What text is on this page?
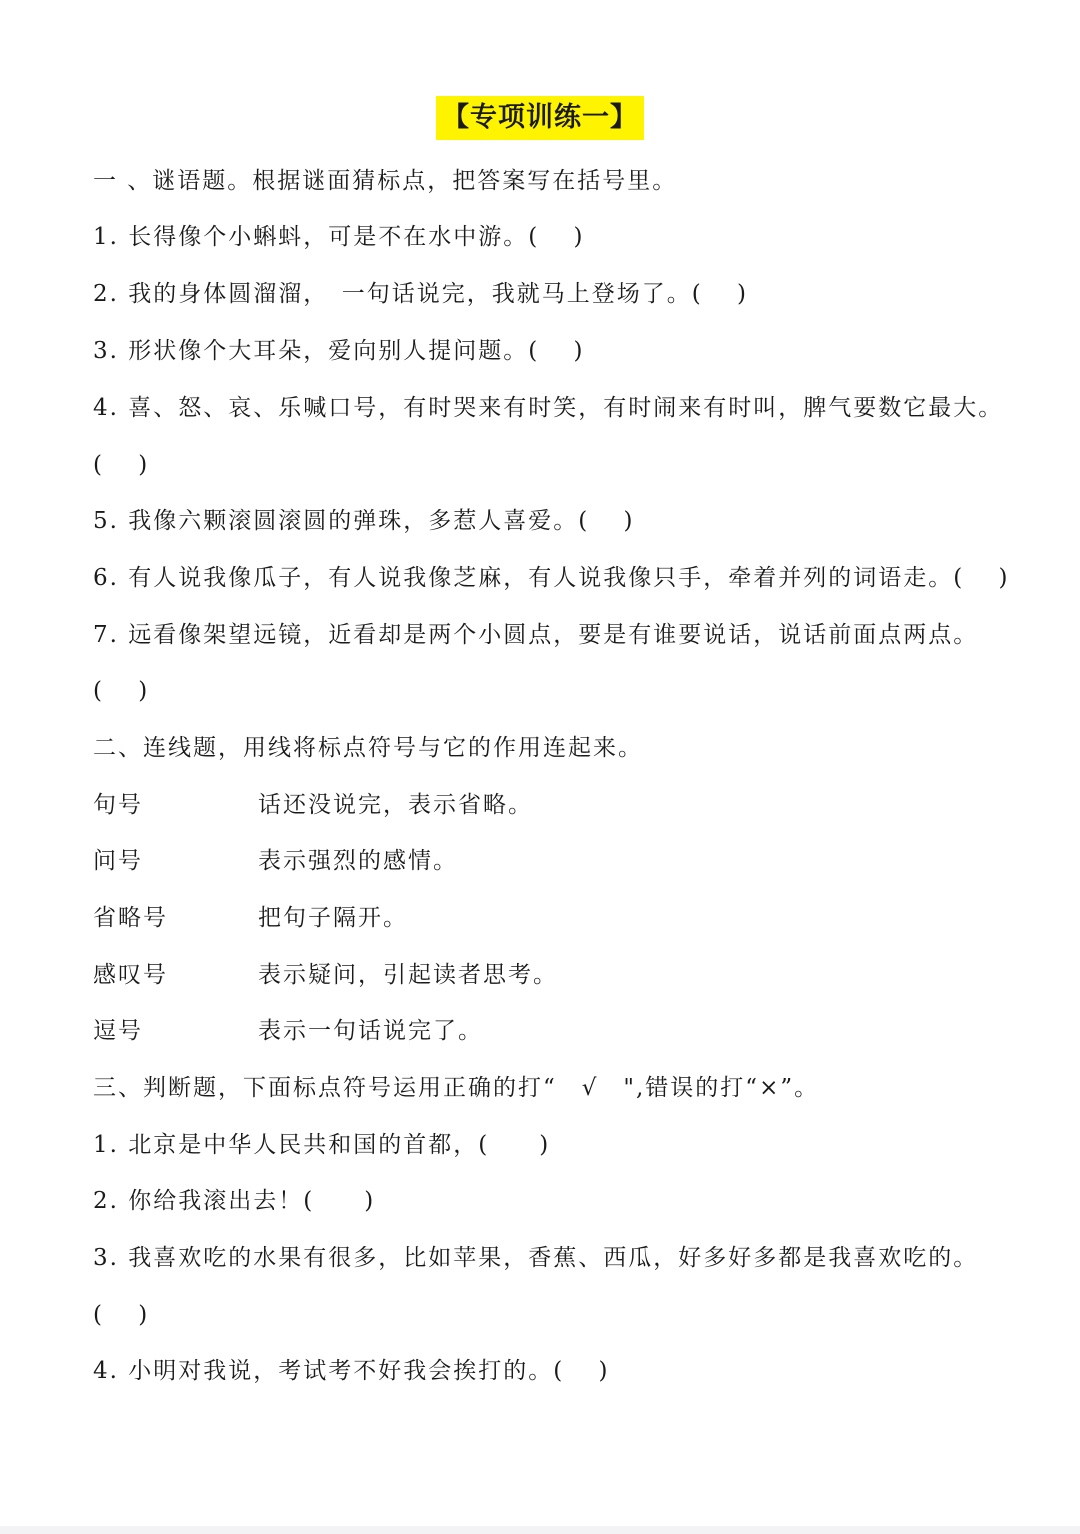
【专项训练一】
一 、谜语题。根据谜面猜标点，把答案写在括号里。
1. 长得像个小蝌蚪，可是不在水中游。(　 )
2. 我的身体圆溜溜，　一句话说完，我就马上登场了。(　 )
3. 形状像个大耳朵，爱向别人提问题。(　 )
4. 喜、怒、哀、乐喊口号，有时哭来有时笑，有时闹来有时叫，脾气要数它最大。
(　 )
5. 我像六颗滚圆滚圆的弹珠，多惹人喜爱。(　 )
6. 有人说我像瓜子，有人说我像芝麻，有人说我像只手，牵着并列的词语走。(　 )
7. 远看像架望远镜，近看却是两个小圆点，要是有谁要说话，说话前面点两点。
(　 )
二、连线题，用线将标点符号与它的作用连起来。
句号	话还没说完，表示省略。
问号	表示强烈的感情。
省略号	把句子隔开。
感叹号	表示疑问，引起读者思考。
逗号	表示一句话说完了。
三、判断题，下面标点符号运用正确的打“　√　",错误的打“×”。
1. 北京是中华人民共和国的首都，(　　)
2. 你给我滚出去！(　　)
3. 我喜欢吃的水果有很多，比如苹果，香蕉、西瓜，好多好多都是我喜欢吃的。
(　 )
4. 小明对我说，考试考不好我会挨打的。(　 )
